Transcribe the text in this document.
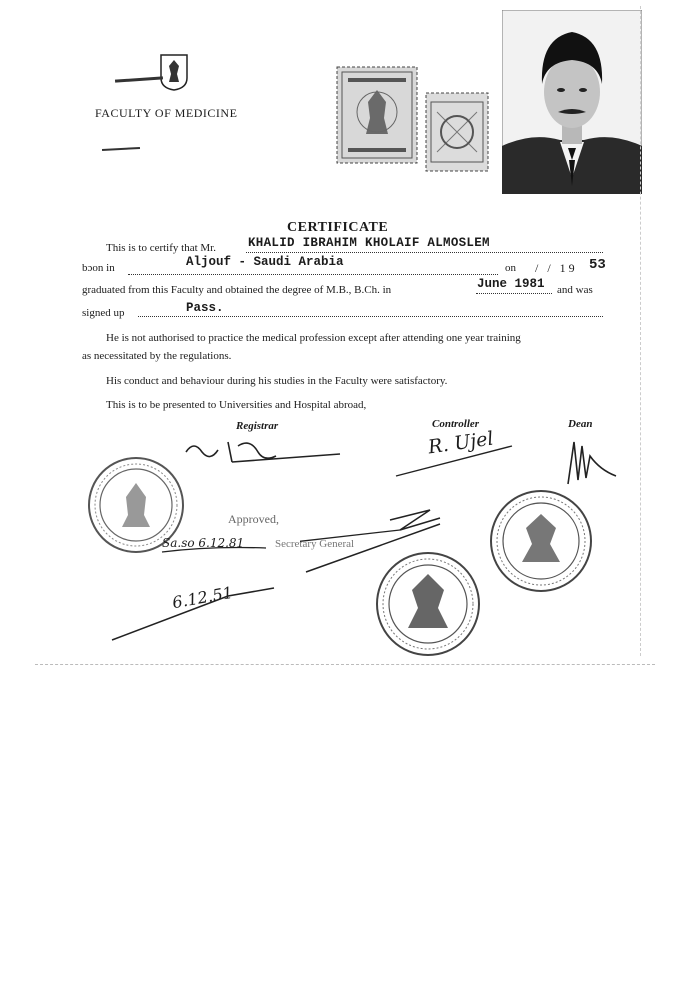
FACULTY OF MEDICINE
CERTIFICATE
This is to certify that Mr.	KHALID IBRAHIM KHOLAIF ALMOSLEM
bɔon in	Aljouf - Saudi Arabia	on / / 19 53
graduated from this Faculty and obtained the degree of M.B., B.Ch. in	June 1981 and was
signed up	Pass.
He is not authorised to practice the medical profession except after attending one year training
as necessitated by the regulations.
His conduct and behaviour during his studies in the Faculty were satisfactory.
This is to be presented to Universities and Hospital abroad,
Registrar	Controller	Dean
R. Ujel
Approved,
Secretary General
Sa.so 6.12.81
6.12.51
